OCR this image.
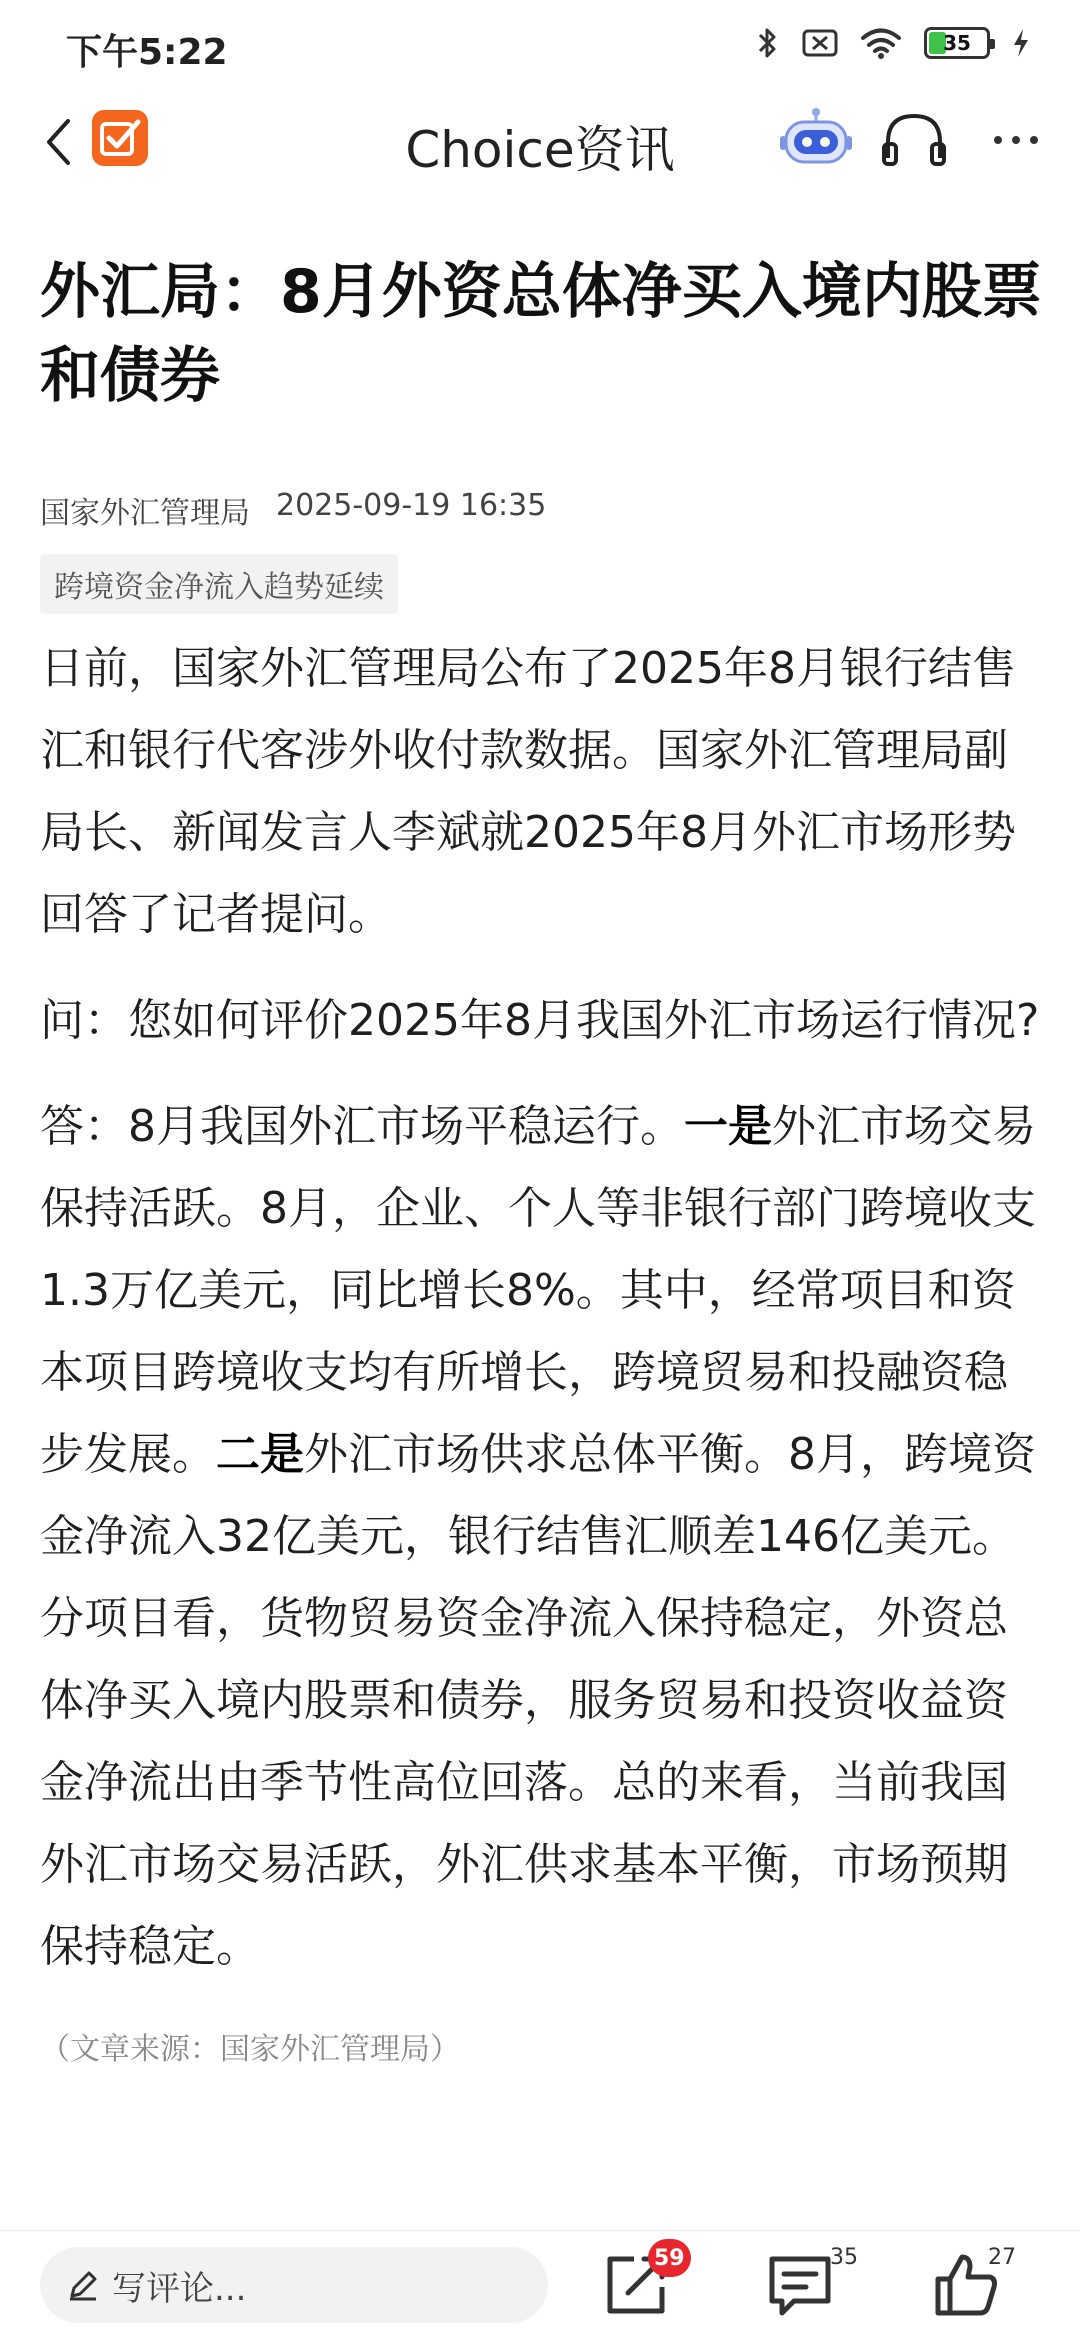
下午5:22	35
Choice资讯
外汇局：8月外资总体净买入境内股票和债券
国家外汇管理局 2025-09-19 16:35
跨境资金净流入趋势延续

日前，国家外汇管理局公布了2025年8月银行结售汇和银行代客涉外收付款数据。国家外汇管理局副局长、新闻发言人李斌就2025年8月外汇市场形势回答了记者提问。

问：您如何评价2025年8月我国外汇市场运行情况?

答：8月我国外汇市场平稳运行。一是外汇市场交易保持活跃。8月，企业、个人等非银行部门跨境收支1.3万亿美元，同比增长8%。其中，经常项目和资本项目跨境收支均有所增长，跨境贸易和投融资稳步发展。二是外汇市场供求总体平衡。8月，跨境资金净流入32亿美元，银行结售汇顺差146亿美元。分项目看，货物贸易资金净流入保持稳定，外资总体净买入境内股票和债券，服务贸易和投资收益资金净流出由季节性高位回落。总的来看，当前我国外汇市场交易活跃，外汇供求基本平衡，市场预期保持稳定。

（文章来源：国家外汇管理局）
写评论...
59	35	27
